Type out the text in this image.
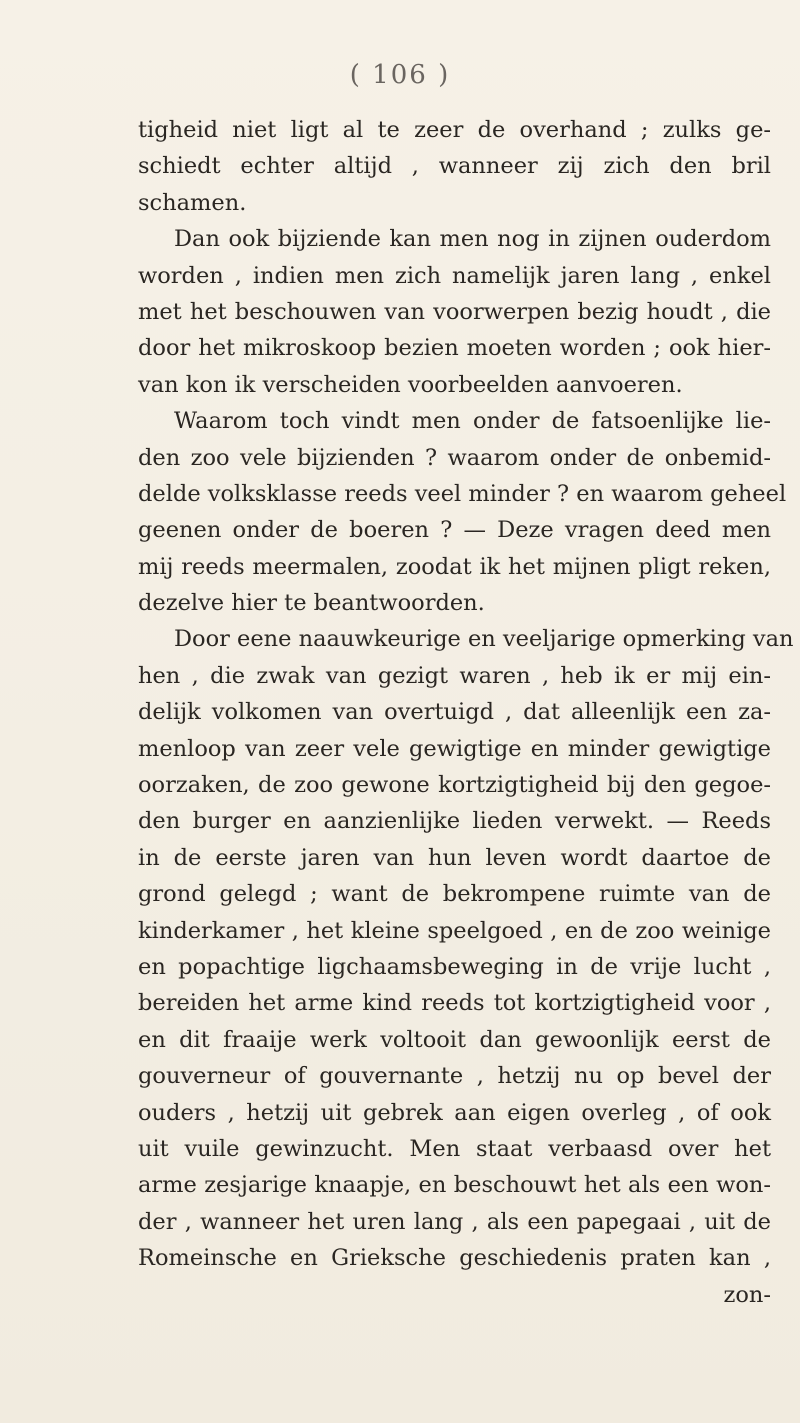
( 106 )
tigheid niet ligt al te zeer de overhand ; zulks ge-
schiedt echter altijd , wanneer zij zich den bril
schamen.
Dan ook bijziende kan men nog in zijnen ouderdom
worden , indien men zich namelijk jaren lang , enkel
met het beschouwen van voorwerpen bezig houdt , die
door het mikroskoop bezien moeten worden ; ook hier-
van kon ik verscheiden voorbeelden aanvoeren.
Waarom toch vindt men onder de fatsoenlijke lie-
den zoo vele bijzienden ? waarom onder de onbemid-
delde volksklasse reeds veel minder ? en waarom geheel
geenen onder de boeren ? — Deze vragen deed men
mij reeds meermalen, zoodat ik het mijnen pligt reken,
dezelve hier te beantwoorden.
Door eene naauwkeurige en veeljarige opmerking van
hen , die zwak van gezigt waren , heb ik er mij ein-
delijk volkomen van overtuigd , dat alleenlijk een za-
menloop van zeer vele gewigtige en minder gewigtige
oorzaken, de zoo gewone kortzigtigheid bij den gegoe-
den burger en aanzienlijke lieden verwekt. — Reeds
in de eerste jaren van hun leven wordt daartoe de
grond gelegd ; want de bekrompene ruimte van de
kinderkamer , het kleine speelgoed , en de zoo weinige
en popachtige ligchaamsbeweging in de vrije lucht ,
bereiden het arme kind reeds tot kortzigtigheid voor ,
en dit fraaije werk voltooit dan gewoonlijk eerst de
gouverneur of gouvernante , hetzij nu op bevel der
ouders , hetzij uit gebrek aan eigen overleg , of ook
uit vuile gewinzucht. Men staat verbaasd over het
arme zesjarige knaapje, en beschouwt het als een won-
der , wanneer het uren lang , als een papegaai , uit de
Romeinsche en Grieksche geschiedenis praten kan ,
zon-
